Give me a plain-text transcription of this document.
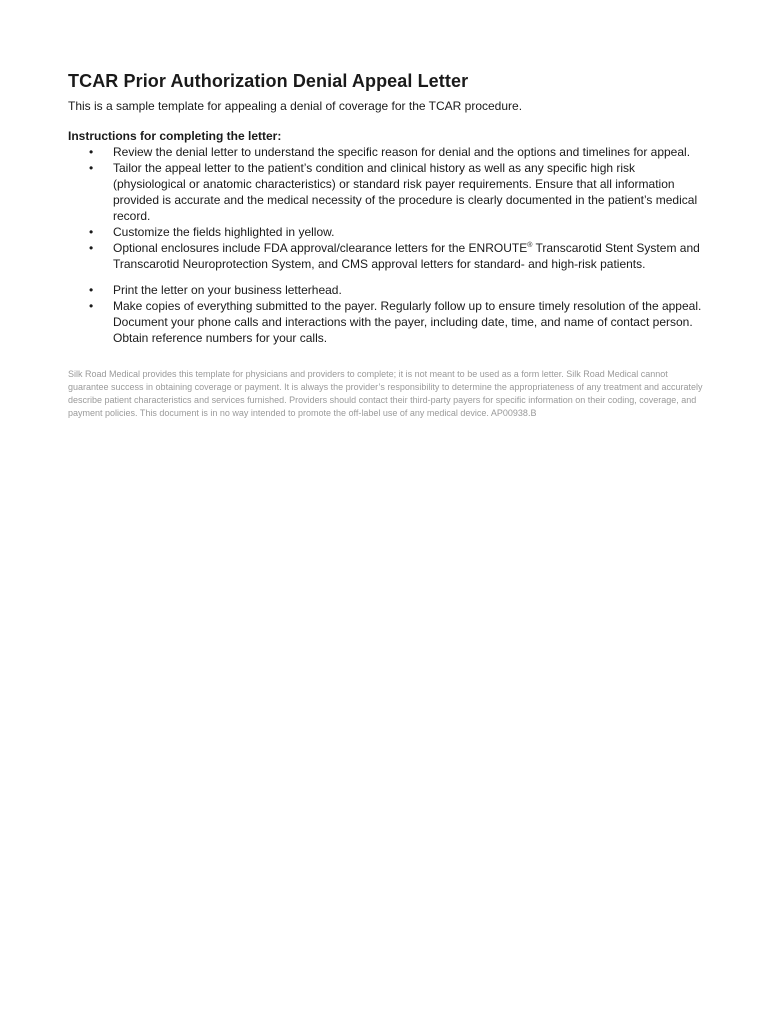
TCAR Prior Authorization Denial Appeal Letter

This is a sample template for appealing a denial of coverage for the TCAR procedure.

Instructions for completing the letter:

• Review the denial letter to understand the specific reason for denial and the options and timelines for appeal.
• Tailor the appeal letter to the patient’s condition and clinical history as well as any specific high risk (physiological or anatomic characteristics) or standard risk payer requirements. Ensure that all information provided is accurate and the medical necessity of the procedure is clearly documented in the patient’s medical record.
• Customize the fields highlighted in yellow.
• Optional enclosures include FDA approval/clearance letters for the ENROUTE® Transcarotid Stent System and Transcarotid Neuroprotection System, and CMS approval letters for standard- and high-risk patients.
• Print the letter on your business letterhead.
• Make copies of everything submitted to the payer. Regularly follow up to ensure timely resolution of the appeal. Document your phone calls and interactions with the payer, including date, time, and name of contact person. Obtain reference numbers for your calls.

Silk Road Medical provides this template for physicians and providers to complete; it is not meant to be used as a form letter. Silk Road Medical cannot guarantee success in obtaining coverage or payment. It is always the provider’s responsibility to determine the appropriateness of any treatment and accurately describe patient characteristics and services furnished. Providers should contact their third-party payers for specific information on their coding, coverage, and payment policies. This document is in no way intended to promote the off-label use of any medical device. AP00938.B
